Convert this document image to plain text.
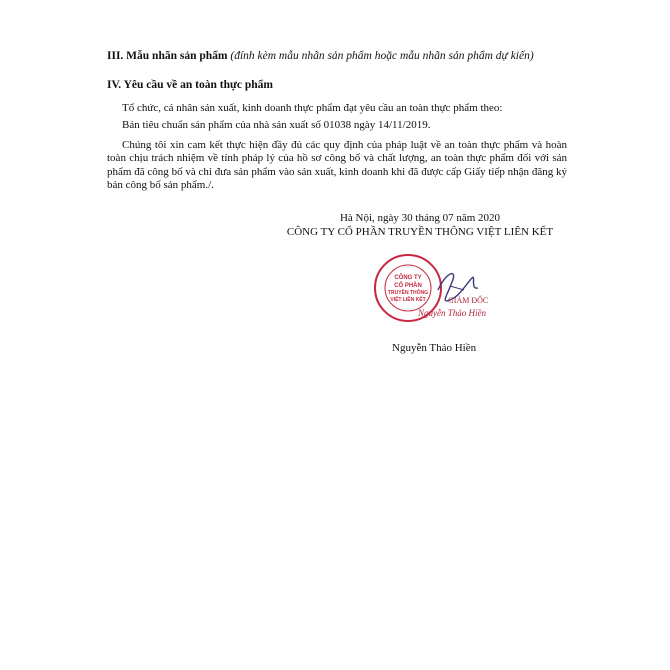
III. Mẫu nhãn sản phẩm (đính kèm mẫu nhãn sản phẩm hoặc mẫu nhãn sản phẩm dự kiến)
IV. Yêu cầu về an toàn thực phẩm
Tổ chức, cá nhân sản xuất, kinh doanh thực phẩm đạt yêu cầu an toàn thực phẩm theo:
Bản tiêu chuẩn sản phẩm của nhà sản xuất số 01038 ngày 14/11/2019.
Chúng tôi xin cam kết thực hiện đầy đủ các quy định của pháp luật về an toàn thực phẩm và hoàn toàn chịu trách nhiệm về tính pháp lý của hồ sơ công bố và chất lượng, an toàn thực phẩm đối với sản phẩm đã công bố và chỉ đưa sản phẩm vào sản xuất, kinh doanh khi đã được cấp Giấy tiếp nhận đăng ký bản công bố sản phẩm./.
Hà Nội, ngày 30 tháng 07 năm 2020
CÔNG TY CỔ PHẦN TRUYỀN THÔNG VIỆT LIÊN KẾT
CÔNG TY
CỔ PHẦN
TRUYỀN THÔNG
VIỆT LIÊN KẾT	GIÁM ĐỐC
Nguyễn Thảo Hiền
Nguyễn Thảo Hiền
